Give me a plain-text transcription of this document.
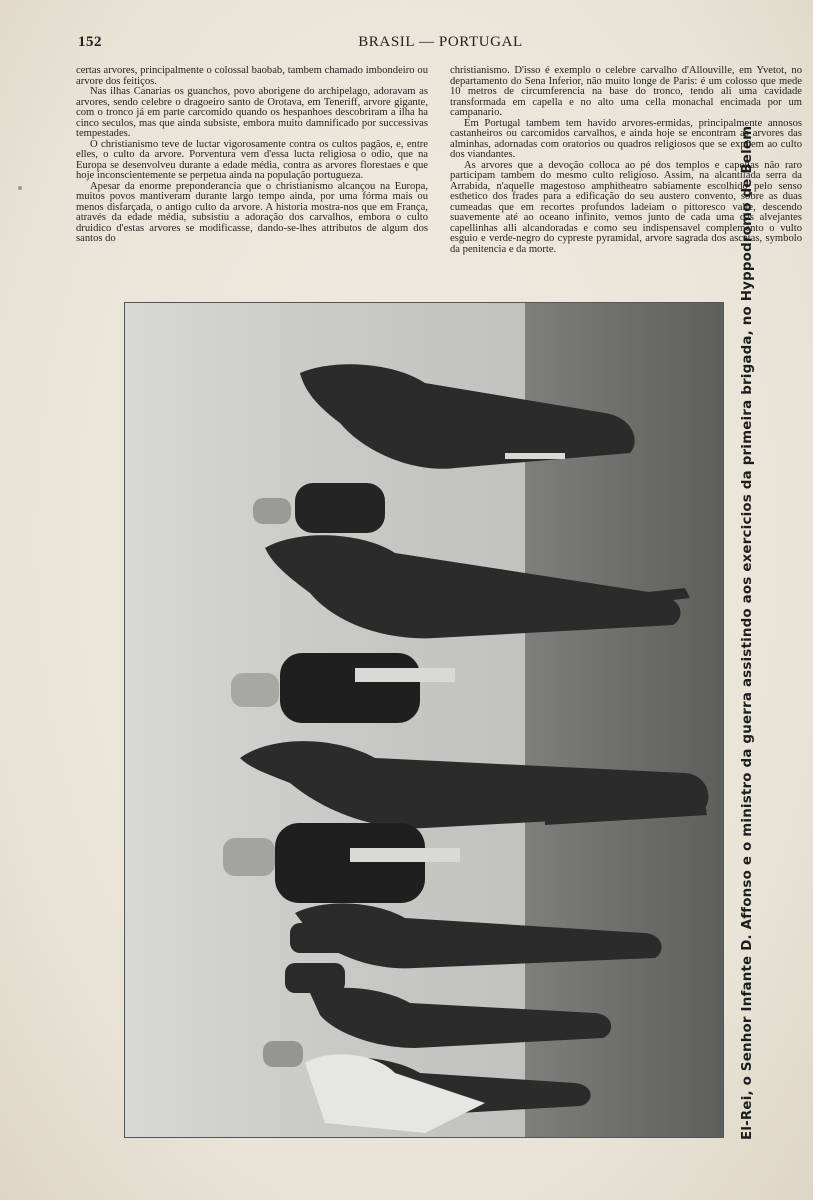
152	BRASIL — PORTUGAL

certas arvores, principalmente o colossal baobab, tambem chamado imbondeiro ou arvore dos feitiços.

Nas ilhas Canarias os guanchos, povo aborigene do archipelago, adoravam as arvores, sendo celebre o dragoeiro santo de Orotava, em Teneriff, arvore gigante, com o tronco já em parte carcomido quando os hespanhoes descobriram a ilha ha cinco seculos, mas que ainda subsiste, embora muito damnificado por successivas tempestades.

O christianismo teve de luctar vigorosamente contra os cultos pagãos, e, entre elles, o culto da arvore. Porventura vem d'essa lucta religiosa o odio, que na Europa se desenvolveu durante a edade média, contra as arvores florestaes e que hoje inconscientemente se perpetua ainda na população portugueza.

Apesar da enorme preponderancia que o christianismo alcançou na Europa, muitos povos mantiveram durante largo tempo ainda, por uma fórma mais ou menos disfarçada, o antigo culto da arvore. A historia mostra-nos que em França, através da edade média, subsistiu a adoração dos carvalhos, embora o culto druidico d'estas arvores se modificasse, dando-se-lhes attributos de algum dos santos do

christianismo. D'isso é exemplo o celebre carvalho d'Allouville, em Yvetot, no departamento do Sena Inferior, não muito longe de Paris: é um colosso que mede 10 metros de circumferencia na base do tronco, tendo ali uma cavidade transformada em capella e no alto uma cella monachal encimada por um campanario.

Em Portugal tambem tem havido arvores-ermidas, principalmente annosos castanheiros ou carcomidos carvalhos, e ainda hoje se encontram as arvores das alminhas, adornadas com oratorios ou quadros religiosos que se expõem ao culto dos viandantes.

As arvores que a devoção colloca ao pé dos templos e capellas não raro participam tambem do mesmo culto religioso. Assim, na alcantilada serra da Arrabida, n'aquelle magestoso amphitheatro sabiamente escolhido pelo senso esthetico dos frades para a edificação do seu austero convento, sobre as duas cumeadas que em recortes profundos ladeiam o pittoresco valle, descendo suavemente até ao oceano infinito, vemos junto de cada uma das alvejantes capellinhas alli alcandoradas e como seu indispensavel complemento o vulto esguio e verde-negro do cypreste pyramidal, arvore sagrada dos ascetas, symbolo da penitencia e da morte.	El-Rei, o Senhor Infante D. Affonso e o ministro da guerra assistindo aos exercicios da primeira brigada, no Hyppodromo de Belem
